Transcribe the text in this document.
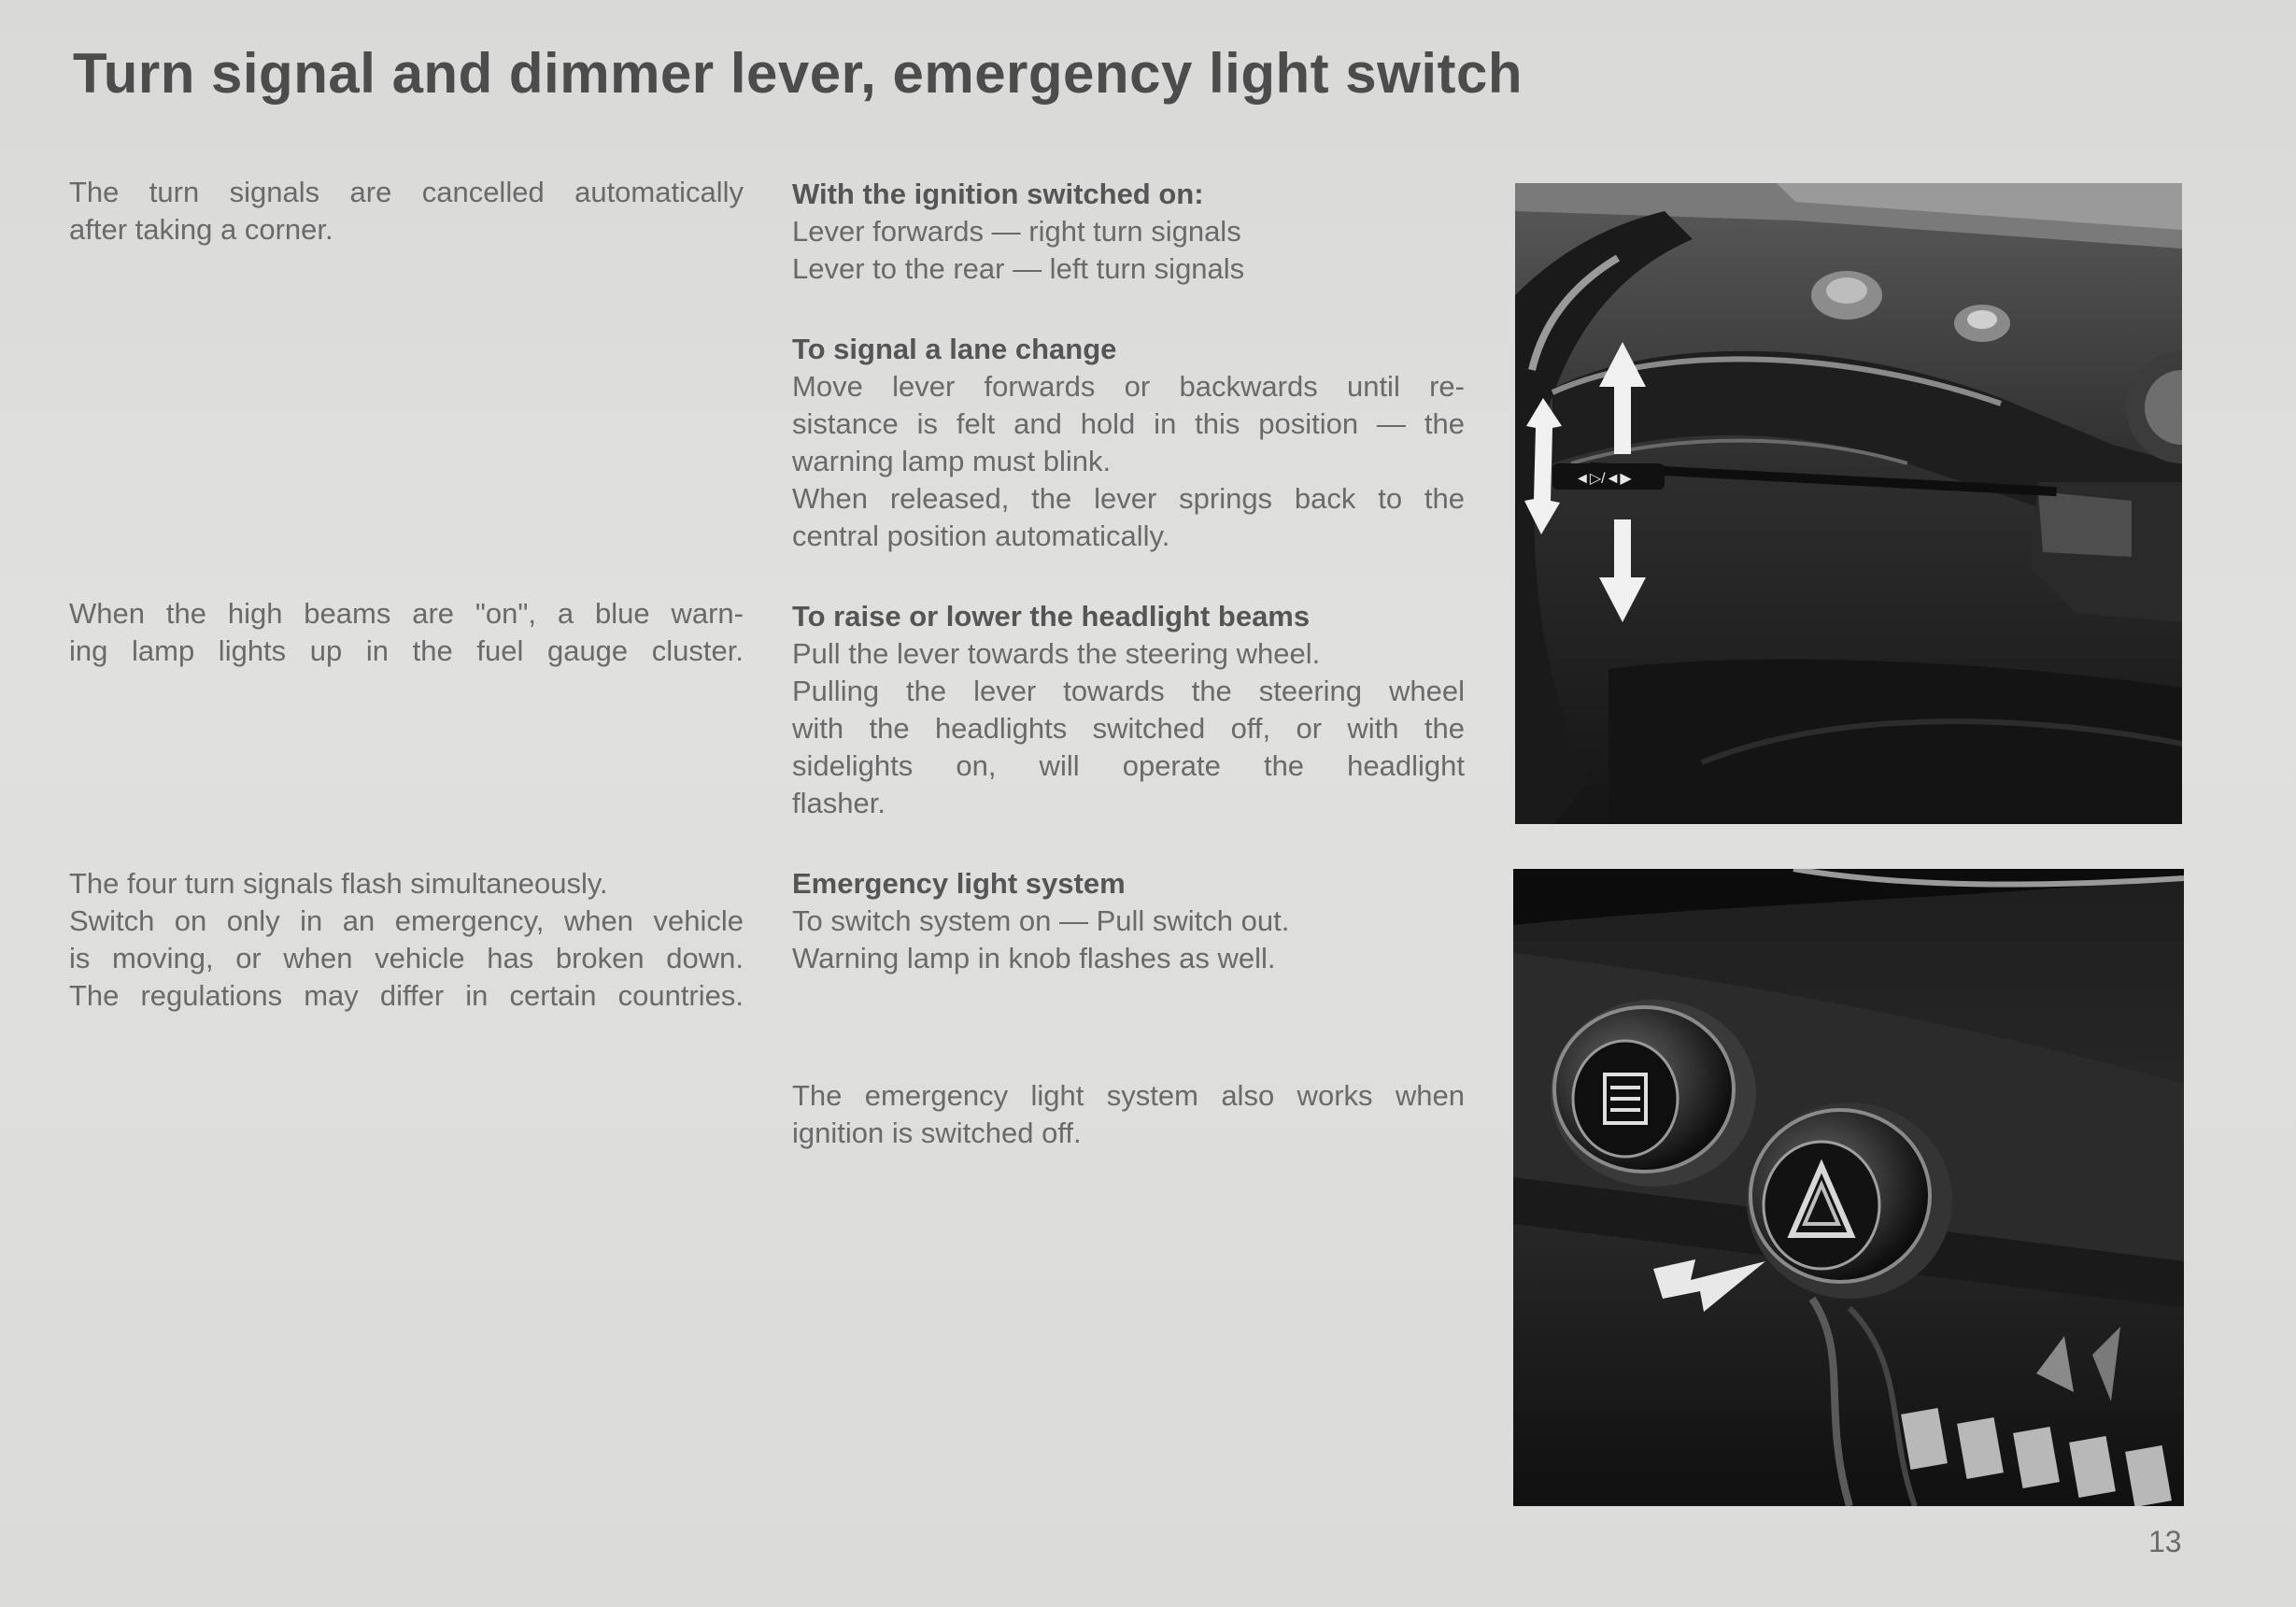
Turn signal and dimmer lever, emergency light switch
The turn signals are cancelled automatically
after taking a corner.
When the high beams are "on", a blue warn-
ing lamp lights up in the fuel gauge cluster.
The four turn signals flash simultaneously.
Switch on only in an emergency, when vehicle
is moving, or when vehicle has broken down.
The regulations may differ in certain countries.
With the ignition switched on:
Lever forwards — right turn signals
Lever to the rear — left turn signals
To signal a lane change
Move lever forwards or backwards until re-
sistance is felt and hold in this position — the
warning lamp must blink.
When released, the lever springs back to the
central position automatically.
To raise or lower the headlight beams
Pull the lever towards the steering wheel.
Pulling the lever towards the steering wheel
with the headlights switched off, or with the
sidelights on, will operate the headlight
flasher.
Emergency light system
To switch system on — Pull switch out.
Warning lamp in knob flashes as well.
The emergency light system also works when
ignition is switched off.
◄▷/◄▶
13
